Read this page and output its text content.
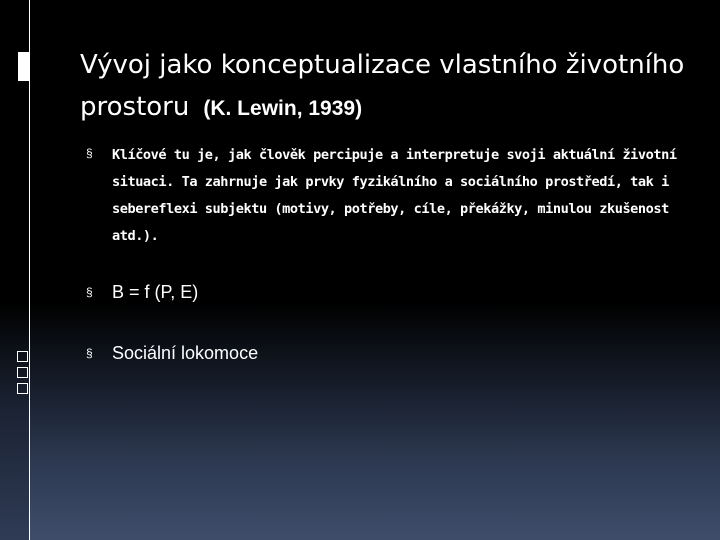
Vývoj jako konceptualizace vlastního životního prostoru (K. Lewin, 1939)
§ Klíčové tu je, jak člověk percipuje a interpretuje svoji aktuální životní situaci. Ta zahrnuje jak prvky fyzikálního a sociálního prostředí, tak i sebereflexi subjektu (motivy, potřeby, cíle, překážky, minulou zkušenost atd.).
§ B = f (P, E)
§ Sociální lokomoce
